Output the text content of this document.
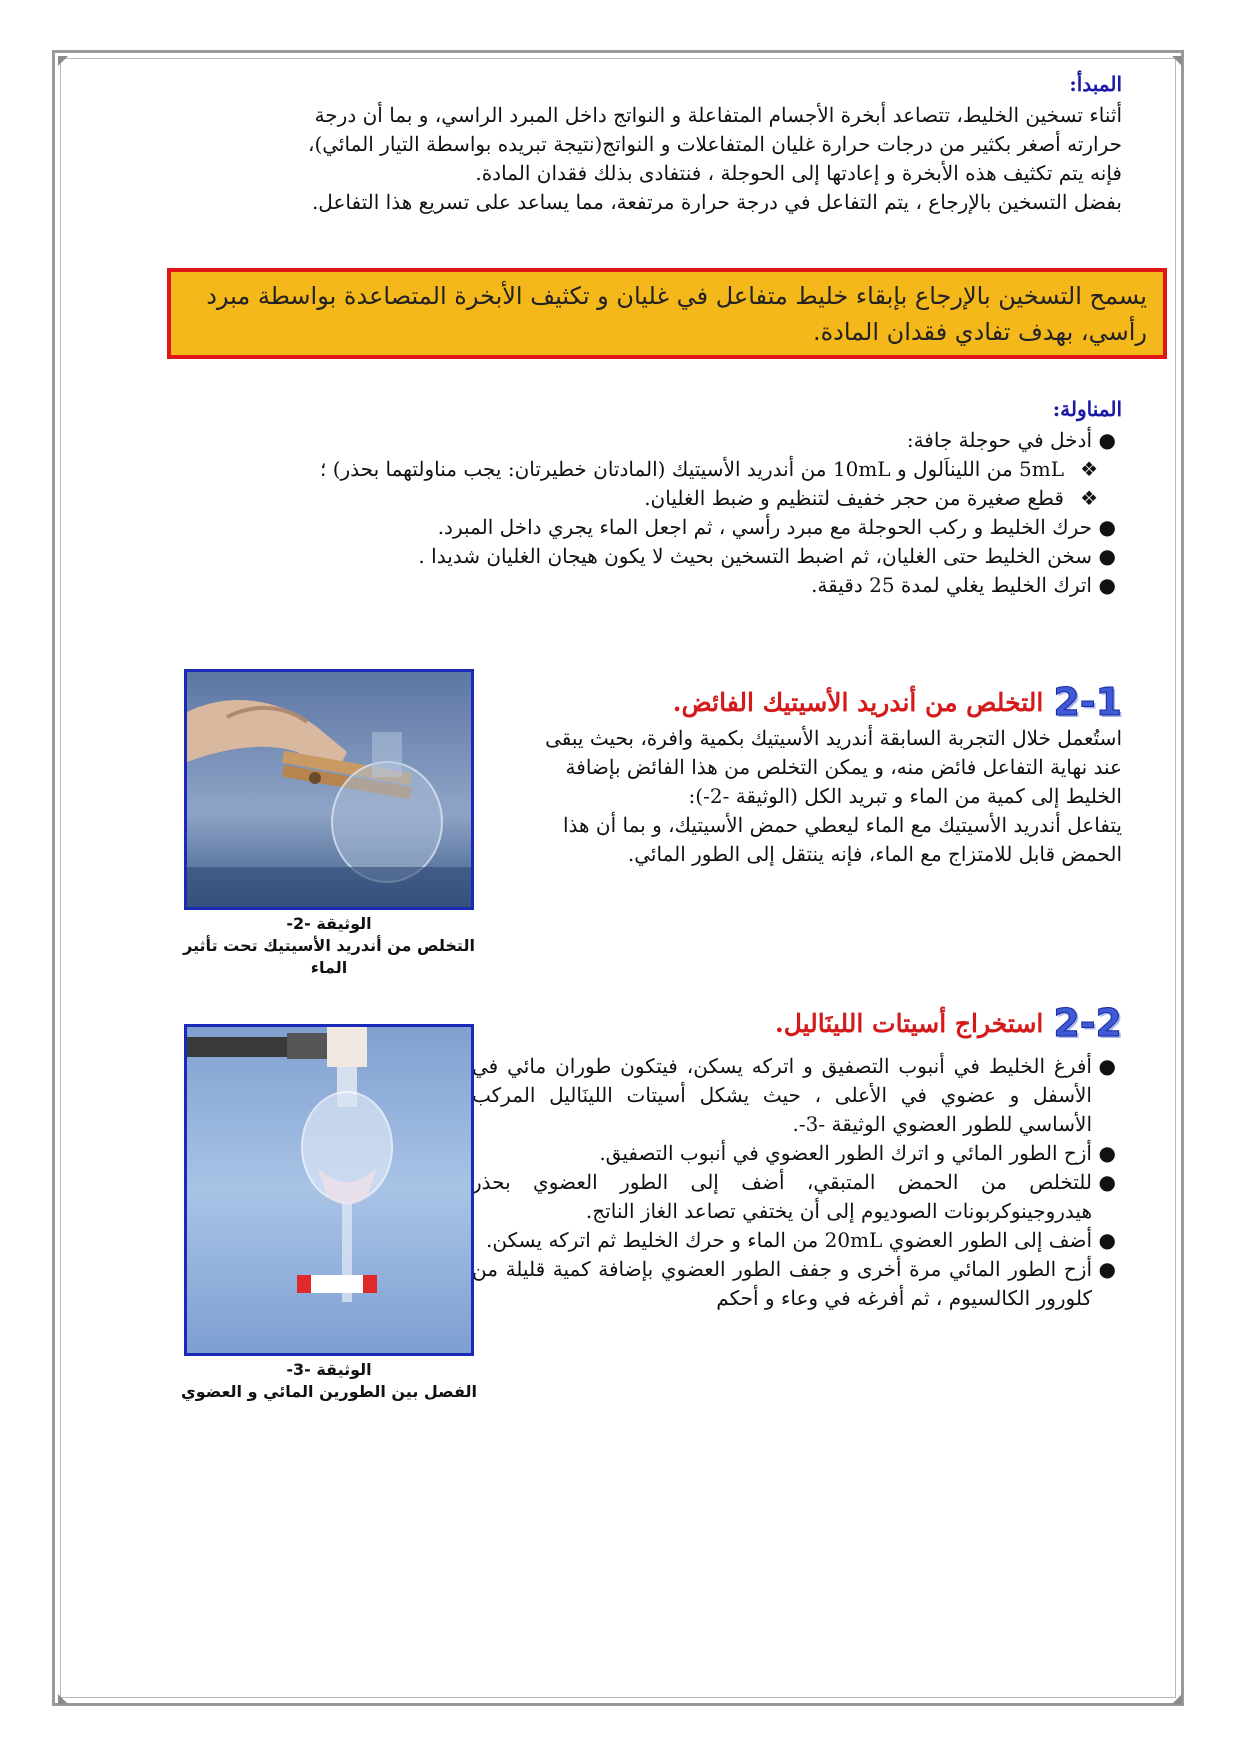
المبدأ:

أثناء تسخين الخليط، تتصاعد أبخرة الأجسام المتفاعلة و النواتج داخل المبرد الراسي، و بما أن درجة

حرارته أصغر بكثير من درجات حرارة غليان المتفاعلات و النواتج(نتيجة تبريده بواسطة التيار المائي)،

فإنه يتم تكثيف هذه الأبخرة و إعادتها إلى الحوجلة ، فنتفادى بذلك فقدان المادة.

بفضل التسخين بالإرجاع ، يتم التفاعل في درجة حرارة مرتفعة، مما يساعد على تسريع هذا التفاعل.

يسمح التسخين بالإرجاع بإبقاء خليط متفاعل في غليان و تكثيف الأبخرة المتصاعدة بواسطة مبرد رأسي، بهدف تفادي فقدان المادة.
المناولة:
●
أدخل في حوجلة جافة:
❖
5mL من الليناَلول و 10mL من أندريد الأسيتيك (المادتان خطيرتان: يجب مناولتهما بحذر) ؛
❖
قطع صغيرة من حجر خفيف لتنظيم و ضبط الغليان.
●
حرك الخليط و ركب الحوجلة مع مبرد رأسي ، ثم اجعل الماء يجري داخل المبرد.
●
سخن الخليط حتى الغليان، ثم اضبط التسخين بحيث لا يكون هيجان الغليان شديدا .
●
اترك الخليط يغلي لمدة 25 دقيقة.
2-1
التخلص من أندريد الأسيتيك الفائض.

استُعمل خلال التجربة السابقة أندريد الأسيتيك بكمية وافرة، بحيث يبقى

عند نهاية التفاعل فائض منه، و يمكن التخلص من هذا الفائض بإضافة

الخليط إلى كمية من الماء و تبريد الكل (الوثيقة -2-):

يتفاعل أندريد الأسيتيك مع الماء ليعطي حمض الأسيتيك، و بما أن هذا

الحمض قابل للامتزاج مع الماء، فإنه ينتقل إلى الطور المائي.

الوثيقة -2-
التخلص من أندريد الأسيتيك تحت تأثير الماء
2-2
استخراج أسيتات اللينَاليل.
●
أفرغ الخليط في أنبوب التصفيق و اتركه يسكن، فيتكون طوران مائي في الأسفل و عضوي في الأعلى ، حيث يشكل أسيتات اللينَاليل المركب الأساسي للطور العضوي الوثيقة -3-.
●
أزح الطور المائي و اترك الطور العضوي في أنبوب التصفيق.
●
للتخلص من الحمض المتبقي، أضف إلى الطور العضوي بحذر هيدروجينوكربونات الصوديوم إلى أن يختفي تصاعد الغاز الناتج.
●
أضف إلى الطور العضوي 20mL من الماء و حرك الخليط ثم اتركه يسكن.
●
أزح الطور المائي مرة أخرى و جفف الطور العضوي بإضافة كمية قليلة من كلورور الكالسيوم ، ثم أفرغه في وعاء و أحكم
الوثيقة -3-
الفصل بين الطورين المائي و العضوي
